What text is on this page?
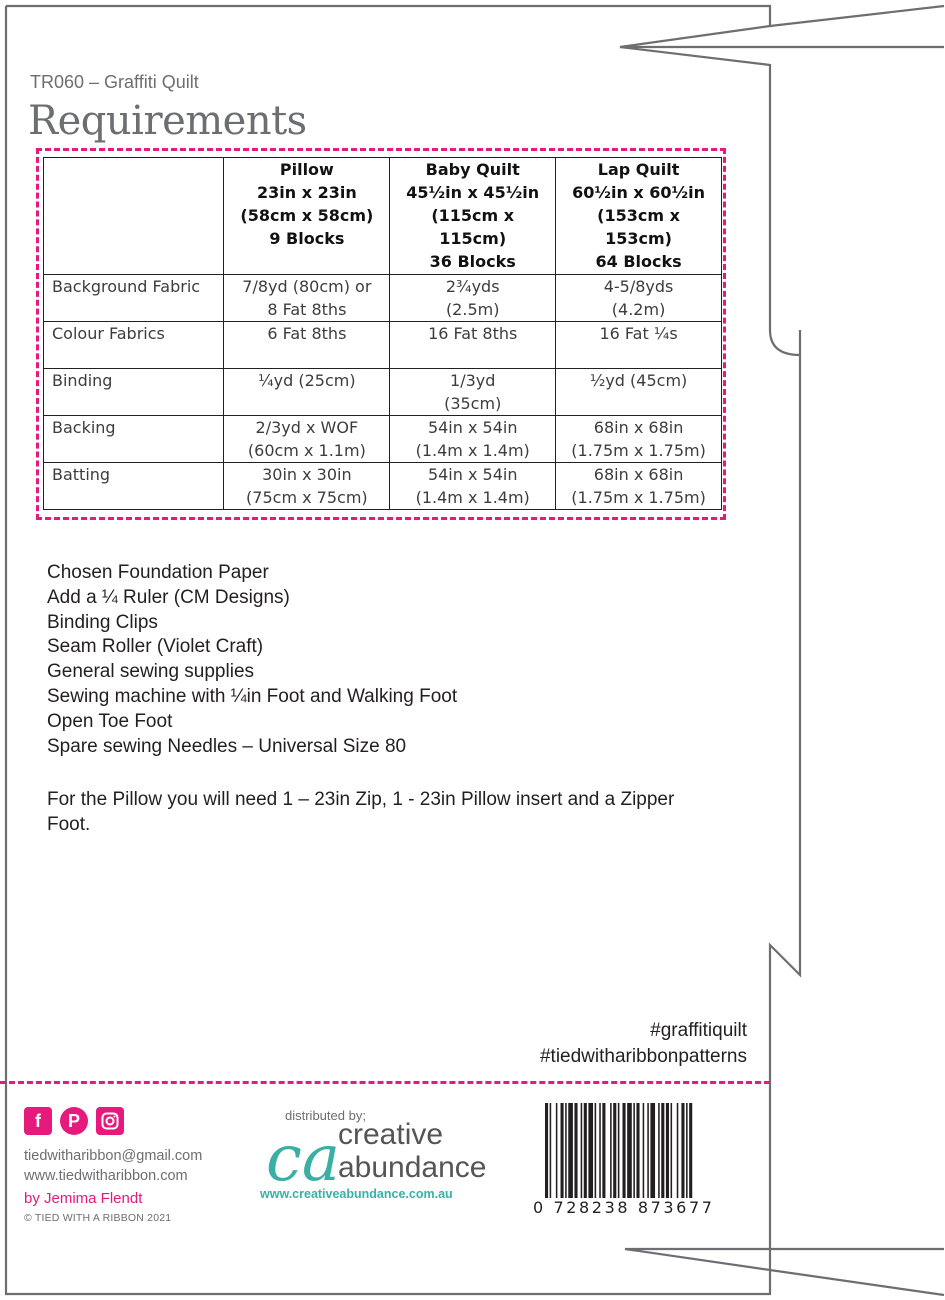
TR060 – Graffiti Quilt
Requirements

	Pillow
23in x 23in
(58cm x 58cm)
9 Blocks	Baby Quilt
45½in x 45½in
(115cm x
115cm)
36 Blocks	Lap Quilt
60½in x 60½in
(153cm x
153cm)
64 Blocks

Background Fabric	7/8yd (80cm) or
8 Fat 8ths	2¾yds
(2.5m)	4-5/8yds
(4.2m)

Colour Fabrics	6 Fat 8ths	16 Fat 8ths	16 Fat ¼s

Binding	¼yd (25cm)	1/3yd
(35cm)	½yd (45cm)

Backing	2/3yd x WOF
(60cm x 1.1m)	54in x 54in
(1.4m x 1.4m)	68in x 68in
(1.75m x 1.75m)

Batting	30in x 30in
(75cm x 75cm)	54in x 54in
(1.4m x 1.4m)	68in x 68in
(1.75m x 1.75m)
Chosen Foundation Paper
Add a ¼ Ruler (CM Designs)
Binding Clips
Seam Roller (Violet Craft)
General sewing supplies
Sewing machine with ¼in Foot and Walking Foot
Open Toe Foot
Spare sewing Needles – Universal Size 80
For the Pillow you will need 1 – 23in Zip, 1 - 23in Pillow insert and a Zipper Foot.
#graffitiquilt
#tiedwitharibbonpatterns
f	P
tiedwitharibbon@gmail.com
www.tiedwitharibbon.com
by Jemima Flendt
© TIED WITH A RIBBON 2021
ca
distributed by;
creative
abundance
www.creativeabundance.com.au
0 728238 873677
